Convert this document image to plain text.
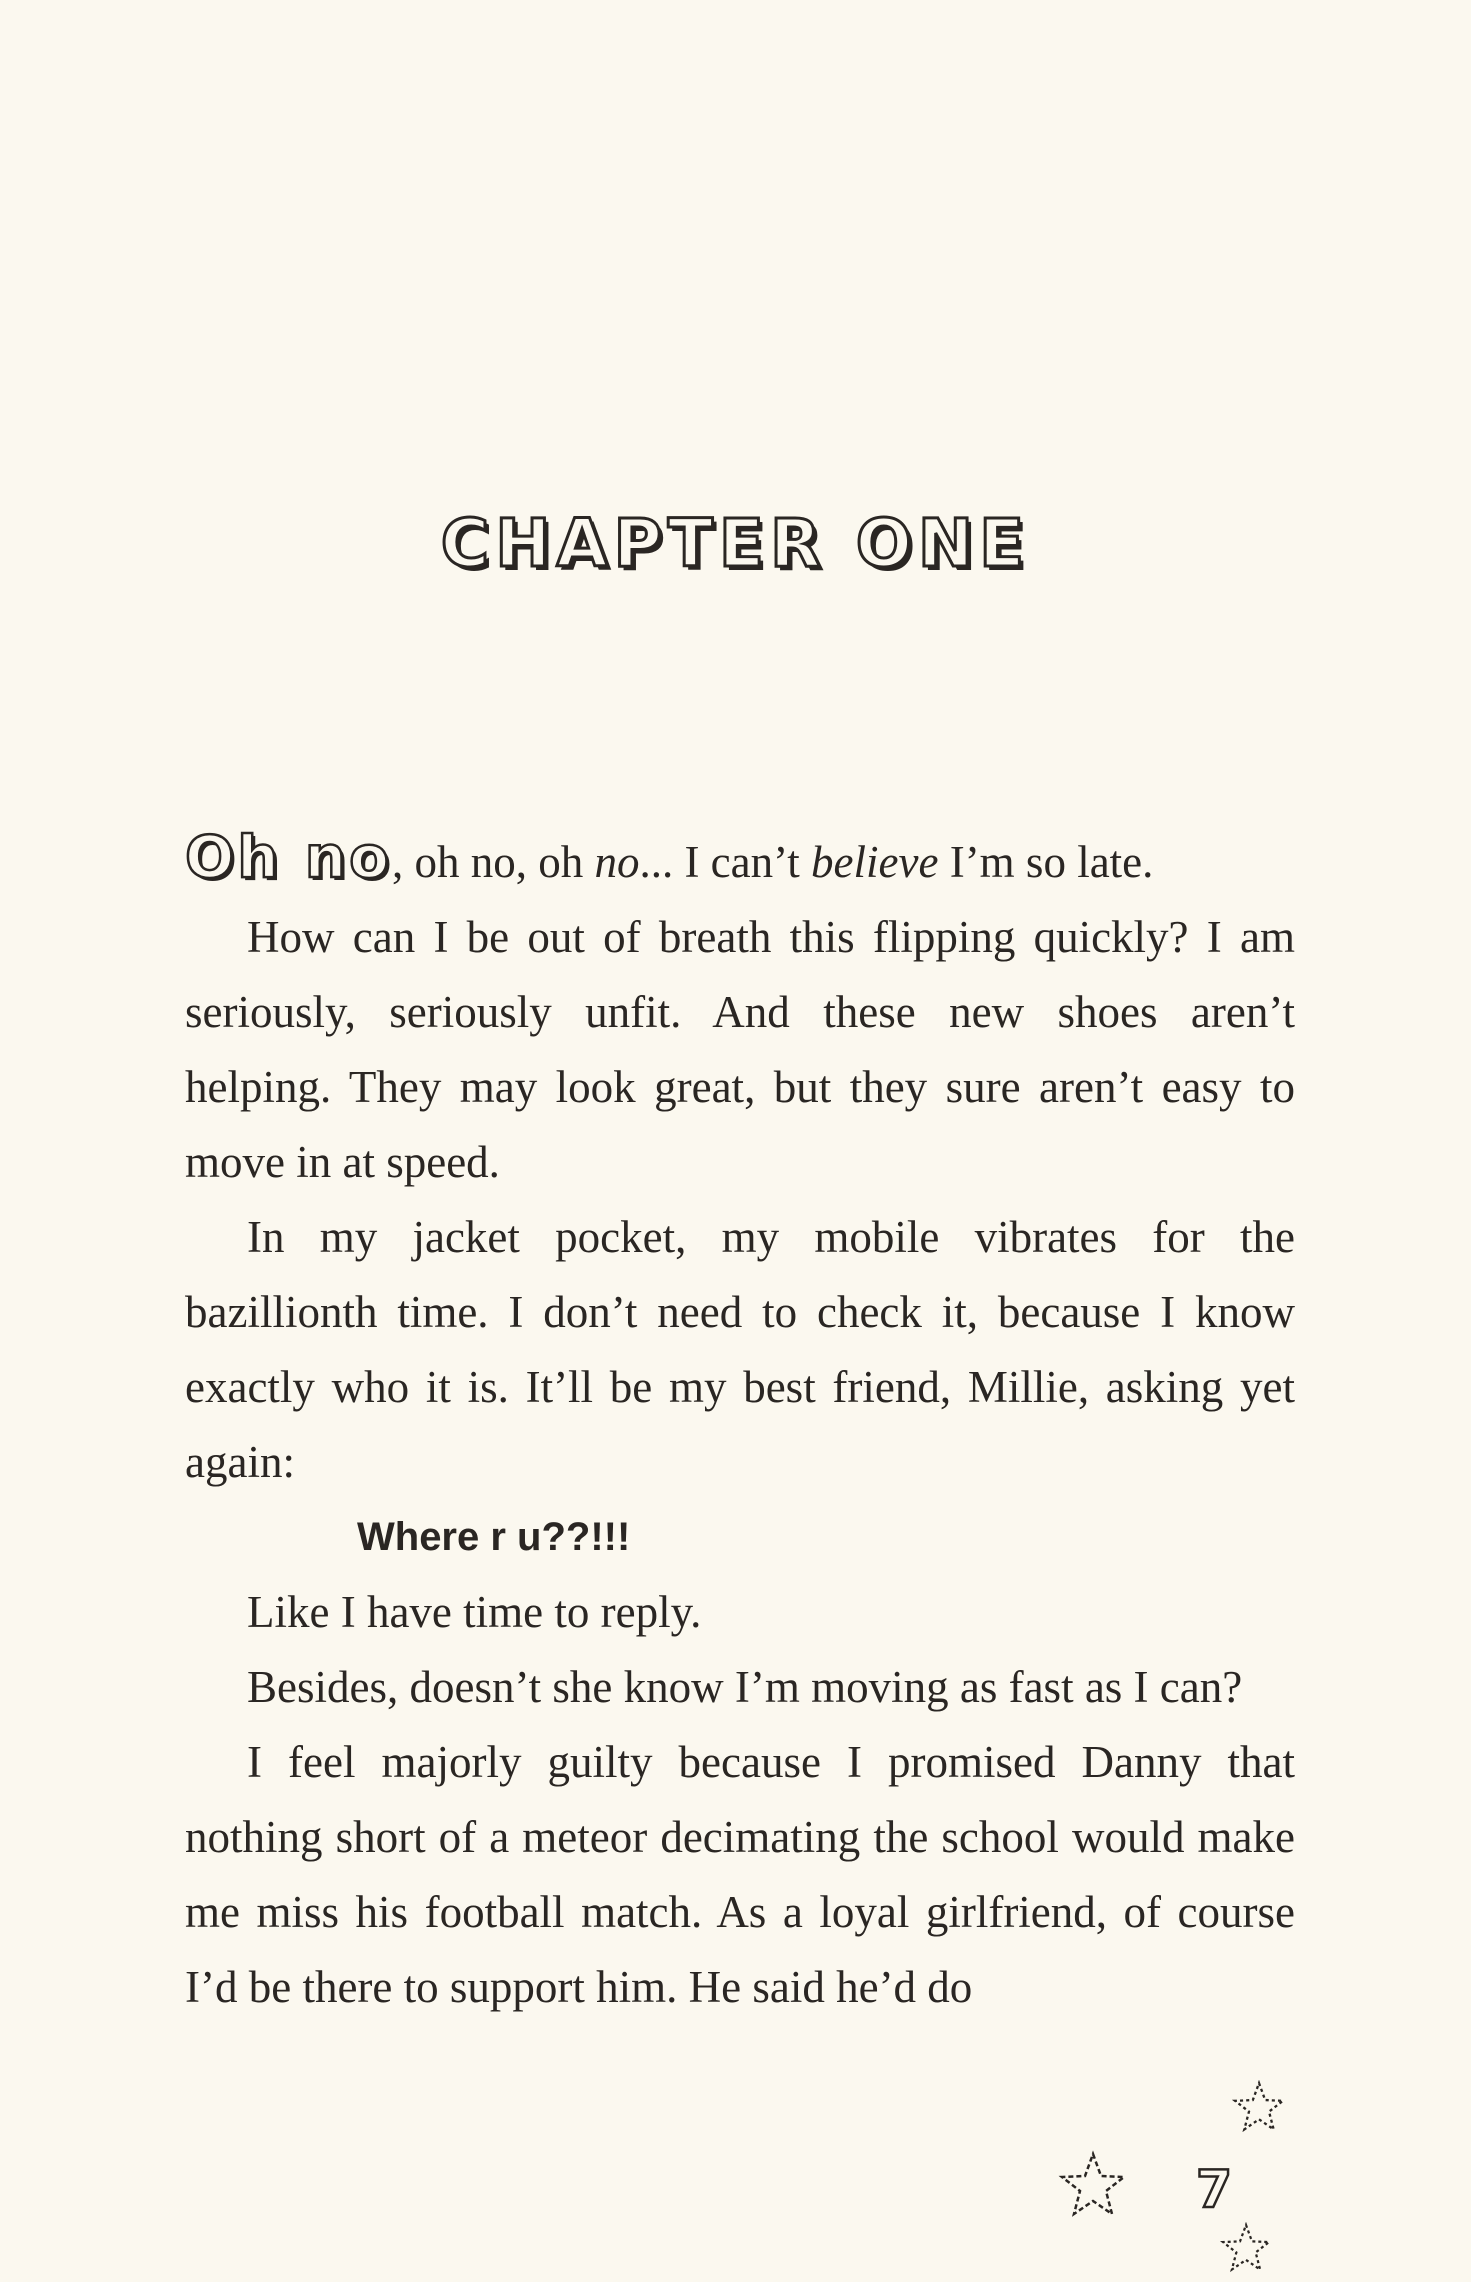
CHAPTER ONE

Oh no, oh no, oh no... I can’t believe I’m so late.

How can I be out of breath this flipping quickly? I am seriously, seriously unfit. And these new shoes aren’t helping. They may look great, but they sure aren’t easy to move in at speed.

In my jacket pocket, my mobile vibrates for the bazillionth time. I don’t need to check it, because I know exactly who it is. It’ll be my best friend, Millie, asking yet again:

Where r u??!!!

Like I have time to reply.

Besides, doesn’t she know I’m moving as fast as I can?

I feel majorly guilty because I promised Danny that nothing short of a meteor decimating the school would make me miss his football match. As a loyal girlfriend, of course I’d be there to support him. He said he’d do

7
